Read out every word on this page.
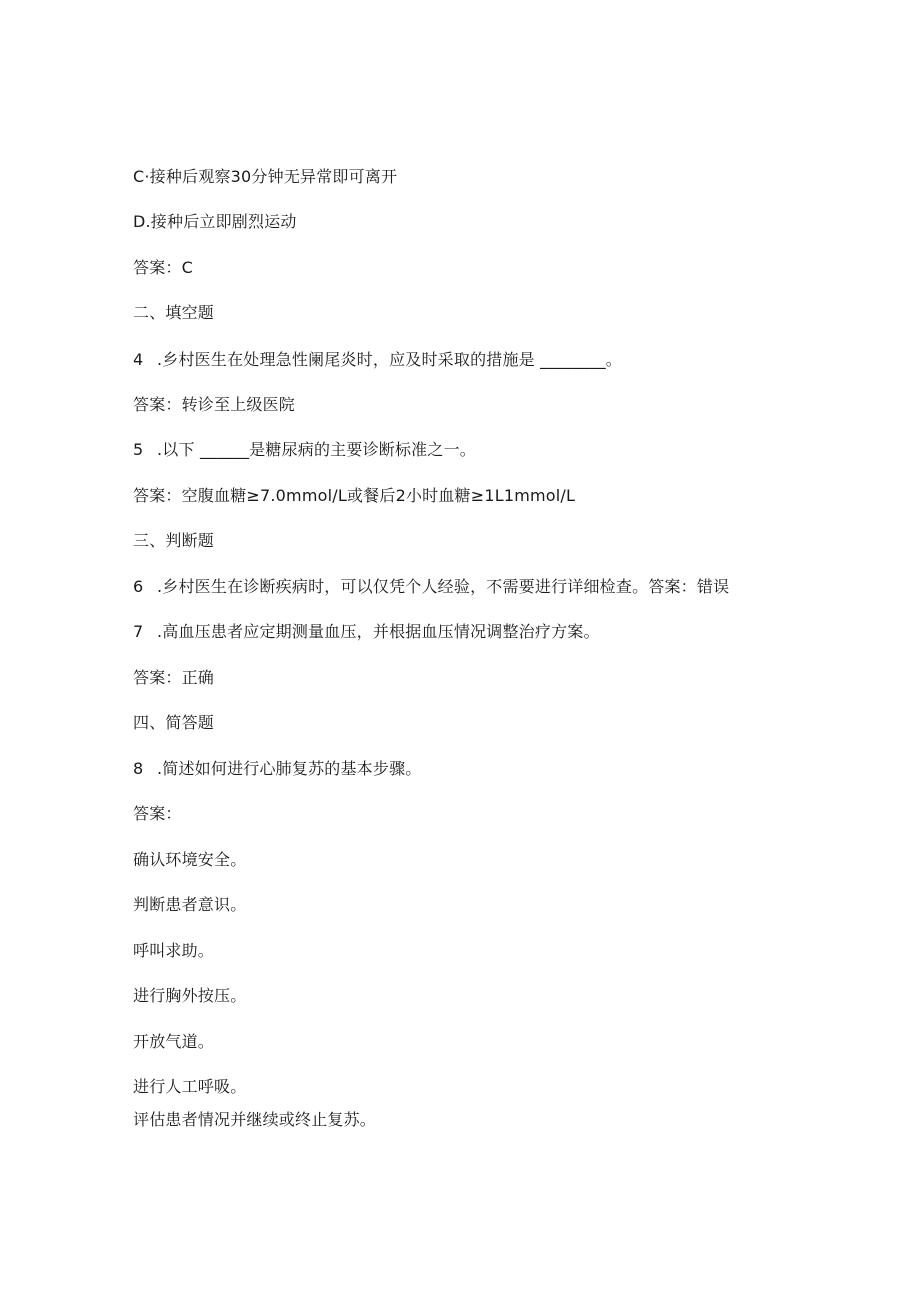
C·接种后观察30分钟无异常即可离开
D.接种后立即剧烈运动
答案：C
二、填空题
4 .乡村医生在处理急性阑尾炎时，应及时采取的措施是 ________。
答案：转诊至上级医院
5 .以下 ______是糖尿病的主要诊断标准之一。
答案：空腹血糖≥7.0mmol/L或餐后2小时血糖≥1L1mmol/L
三、判断题
6 .乡村医生在诊断疾病时，可以仅凭个人经验，不需要进行详细检查。答案：错误
7 .高血压患者应定期测量血压，并根据血压情况调整治疗方案。
答案：正确
四、简答题
8 .简述如何进行心肺复苏的基本步骤。
答案：
确认环境安全。
判断患者意识。
呼叫求助。
进行胸外按压。
开放气道。
进行人工呼吸。
评估患者情况并继续或终止复苏。
